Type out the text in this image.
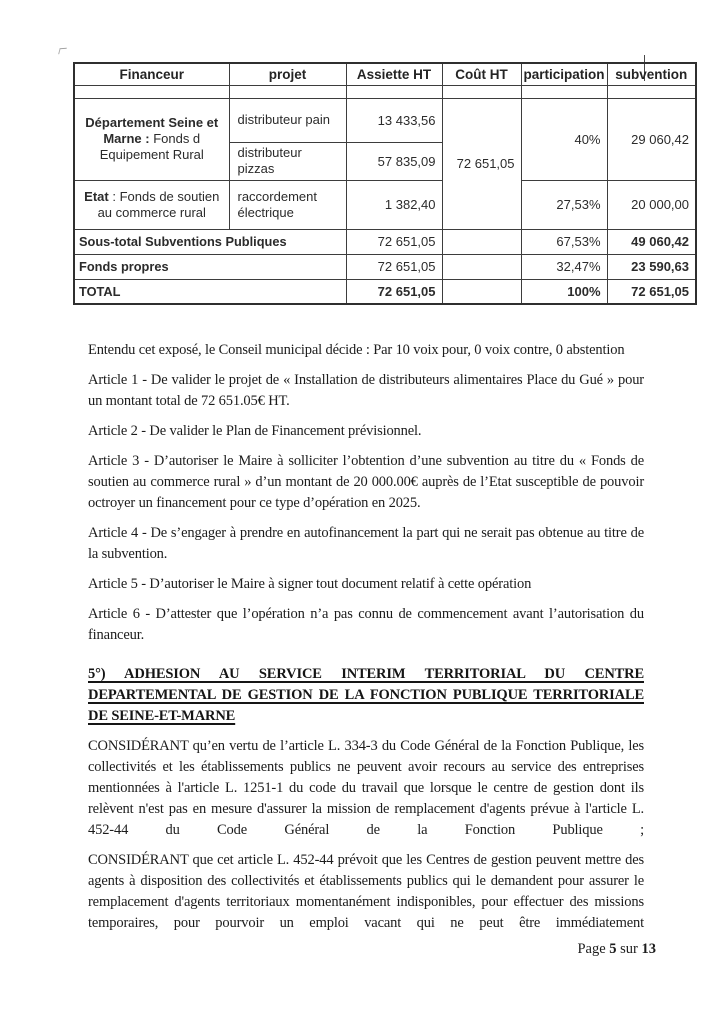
Financeur	projet	Assiette HT	Coût HT	participation	subvention

Département Seine et Marne : Fonds d Equipement Rural	distributeur pain	13 433,56	72 651,05	40%	29 060,42
	distributeur pizzas	57 835,09			
Etat : Fonds de soutien au commerce rural	raccordement électrique	1 382,40		27,53%	20 000,00
Sous-total Subventions Publiques		72 651,05		67,53%	49 060,42
Fonds propres		72 651,05		32,47%	23 590,63
TOTAL		72 651,05		100%	72 651,05

Entendu cet exposé, le Conseil municipal décide : Par 10 voix pour, 0 voix contre, 0 abstention

Article 1 - De valider le projet de « Installation de distributeurs alimentaires Place du Gué » pour un montant total de 72 651.05€ HT.

Article 2 - De valider le Plan de Financement prévisionnel.

Article 3 - D’autoriser le Maire à solliciter l’obtention d’une subvention au titre du « Fonds de soutien au commerce rural » d’un montant de 20 000.00€ auprès de l’Etat susceptible de pouvoir octroyer un financement pour ce type d’opération en 2025.

Article 4 - De s’engager à prendre en autofinancement la part qui ne serait pas obtenue au titre de la subvention.

Article 5 - D’autoriser le Maire à signer tout document relatif à cette opération

Article 6 - D’attester que l’opération n’a pas connu de commencement avant l’autorisation du financeur.

5°) ADHESION AU SERVICE INTERIM TERRITORIAL DU CENTRE DEPARTEMENTAL DE GESTION DE LA FONCTION PUBLIQUE TERRITORIALE DE SEINE-ET-MARNE

CONSIDÉRANT qu’en vertu de l’article L. 334-3 du Code Général de la Fonction Publique, les collectivités et les établissements publics ne peuvent avoir recours au service des entreprises mentionnées à l'article L. 1251-1 du code du travail que lorsque le centre de gestion dont ils relèvent n'est pas en mesure d'assurer la mission de remplacement d'agents prévue à l'article L. 452-44 du Code Général de la Fonction Publique ;

CONSIDÉRANT que cet article L. 452-44 prévoit que les Centres de gestion peuvent mettre des agents à disposition des collectivités et établissements publics qui le demandent pour assurer le remplacement d'agents territoriaux momentanément indisponibles, pour effectuer des missions temporaires, pour pourvoir un emploi vacant qui ne peut être immédiatement

Page 5 sur 13
